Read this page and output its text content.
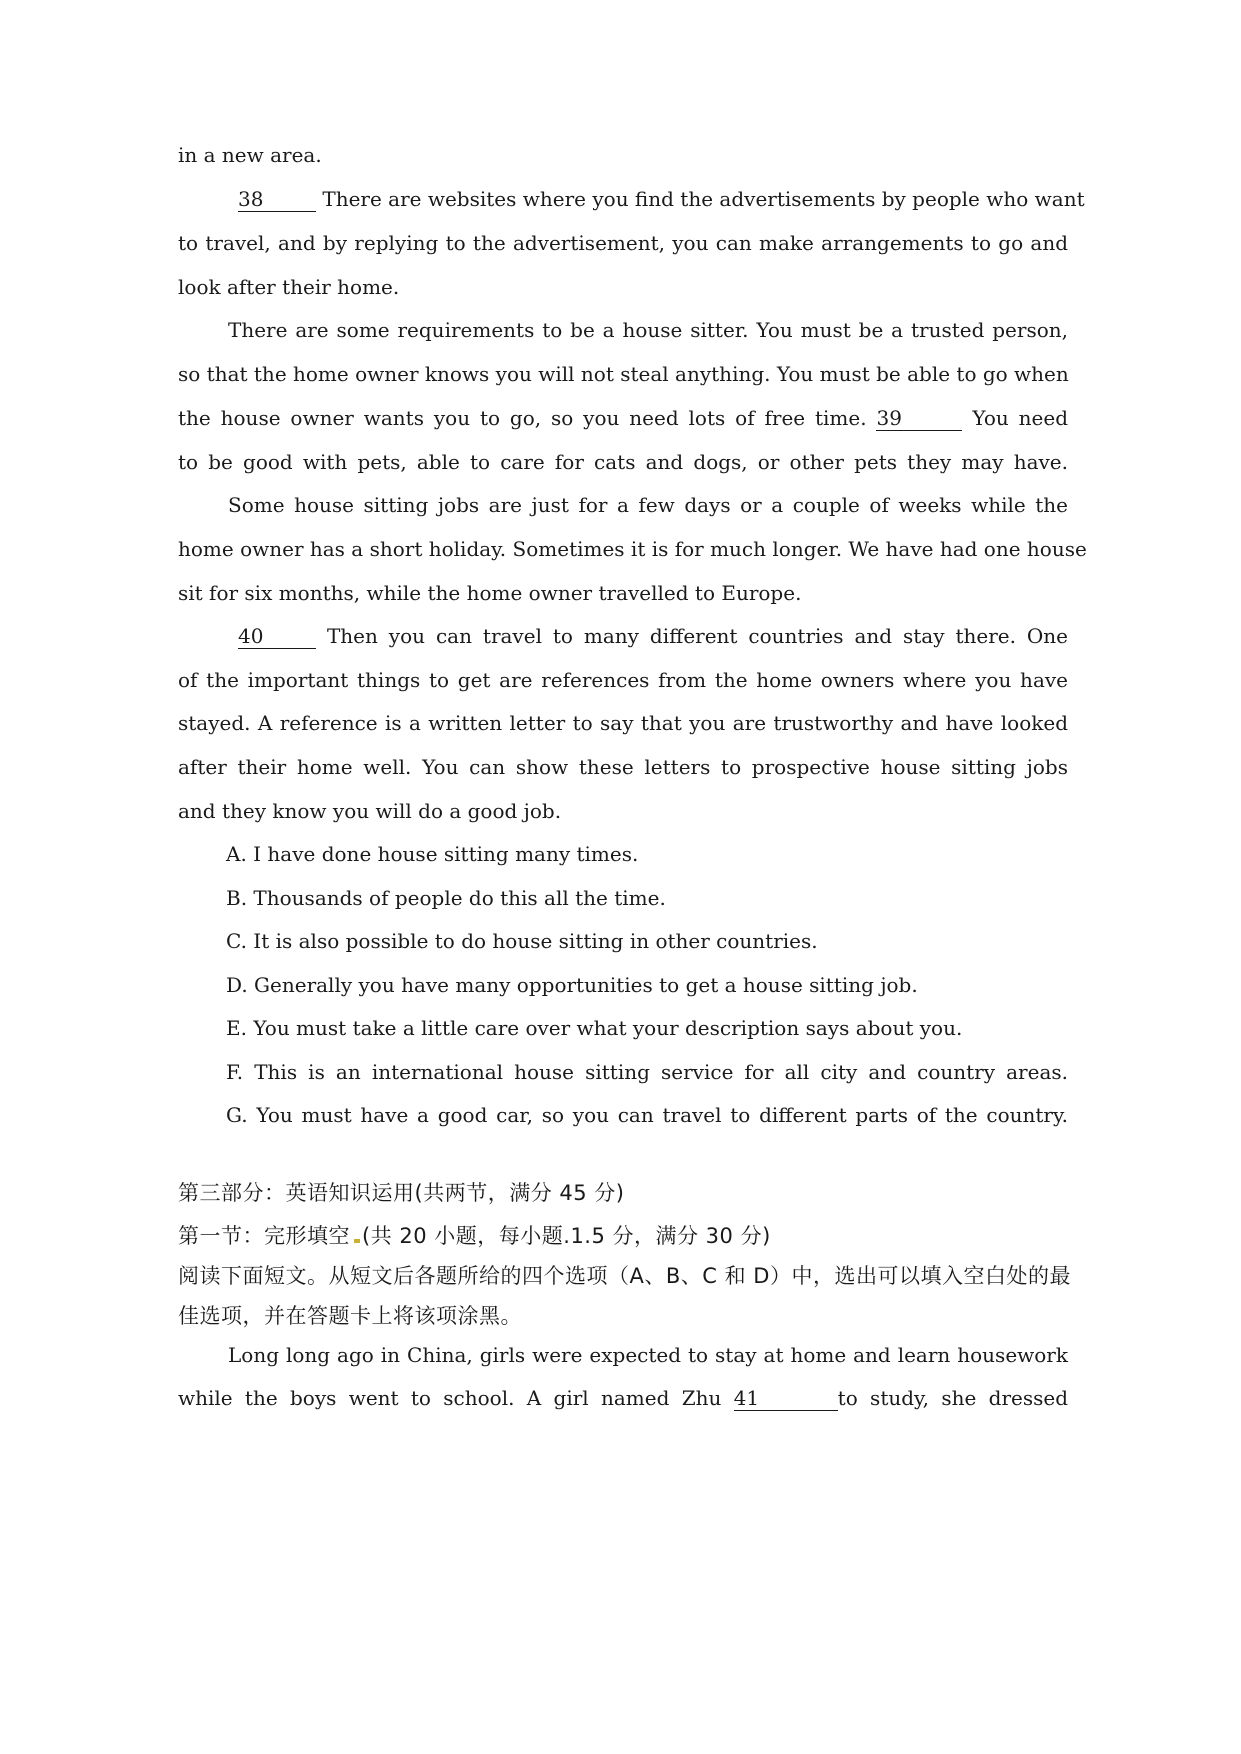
in a new area.
38	There are websites where you find the advertisements by people who want
to travel, and by replying to the advertisement, you can make arrangements to go and
look after their home.
There are some requirements to be a house sitter. You must be a trusted person,
so that the home owner knows you will not steal anything. You must be able to go when
the house owner wants you to go, so you need lots of free time. 39	You need
to be good with pets, able to care for cats and dogs, or other pets they may have.
Some house sitting jobs are just for a few days or a couple of weeks while the
home owner has a short holiday. Sometimes it is for much longer. We have had one house
sit for six months, while the home owner travelled to Europe.
40	Then you can travel to many different countries and stay there. One
of the important things to get are references from the home owners where you have
stayed. A reference is a written letter to say that you are trustworthy and have looked
after their home well. You can show these letters to prospective house sitting jobs
and they know you will do a good job.
A. I have done house sitting many times.
B. Thousands of people do this all the time.
C. It is also possible to do house sitting in other countries.
D. Generally you have many opportunities to get a house sitting job.
E. You must take a little care over what your description says about you.
F. This is an international house sitting service for all city and country areas.
G. You must have a good car, so you can travel to different parts of the country.
第三部分：英语知识运用(共两节，满分 45 分)
第一节：完形填空 (共 20 小题，每小题.1.5 分，满分 30 分)
阅读下面短文。从短文后各题所给的四个选项（A、B、C 和 D）中，选出可以填入空白处的最
佳选项，并在答题卡上将该项涂黑。
Long long ago in China, girls were expected to stay at home and learn housework
while the boys went to school. A girl named Zhu 41	to study, she dressed
